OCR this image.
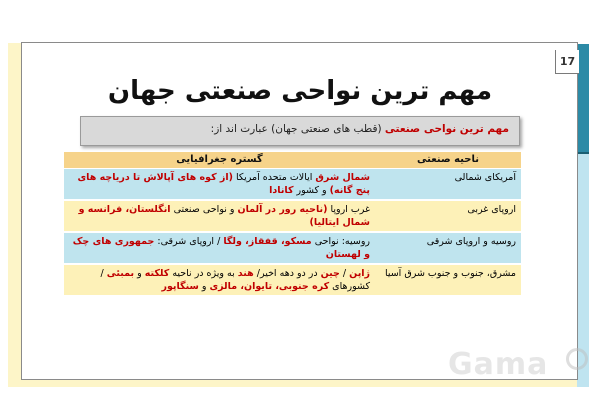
17
مهم ترین نواحی صنعتی جهان
مهم ترین نواحی صنعتی (قطب های صنعتی جهان) عبارت اند از:
ناحیه صنعتی	گستره جغرافیایی
آمریکای شمالی	شمال شرق ایالات متحده آمریکا (از کوه های آپالاش تا دریاچه های پنج گانه) و کشور کانادا
اروپای غربی	غرب اروپا (ناحیه رور در آلمان و نواحی صنعتی انگلستان، فرانسه و شمال ایتالیا)
روسیه و اروپای شرقی	روسیه: نواحی مسکو، قفقاز، ولگا / اروپای شرقی: جمهوری های چک و لهستان
مشرق، جنوب و جنوب شرق آسیا	ژاپن / چین در دو دهه اخیر/ هند به ویژه در ناحیه کلکته و بمبئی / کشورهای کره جنوبی، تایوان، مالزی و سنگاپور
Gama
